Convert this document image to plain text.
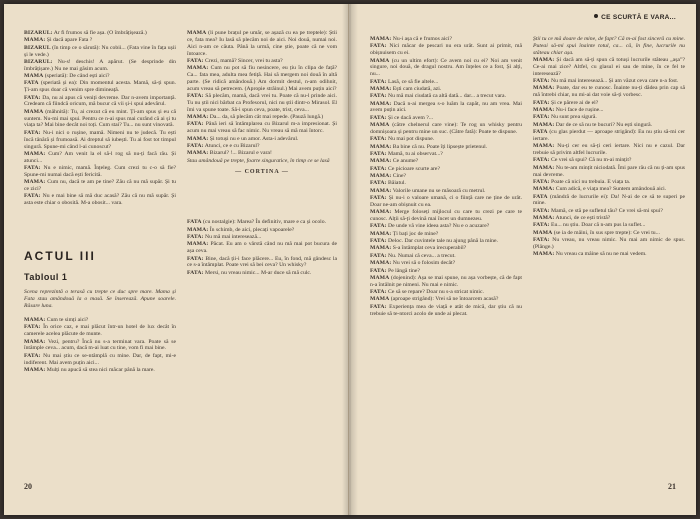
BIZARUL: Ar fi frumos să fie așa. (O îmbrățișează.)

MAMA: Și dacă apare Fata ?

BIZARUL (în timp ce o sărută): Nu cobii... (Fata vine în fața ușii și le vede.)

BIZARUL: Nu-s! deschis! A apărut. (Se desprinde din îmbrățișare.) Nu ne mai găsim acum.

MAMA (speriată): De când ești aici?

FATA (speriată și ea): Din momentul acesta. Mamă, să-ți spun. Ți-am spus doar că venim spre dimineață.

FATA: Da, nu ai apus că veniți devreme. Dar n-avem importanță. Credeam că fiindcă oricum, mă bucur că vii și-i spui adevărul.

MAMA (mâhnită): Tu, ai crezut că eu mint. Ți-am spus și eu că suntem. Nu-mi mai spui. Pentru ce n-ai spus mai curând că ai și tu viața ta? Mai bine decât noi toți. Cum stai? Tu... nu sunt vinovată.

FATA: Nu-i nici o rușine, mamă. Nimeni nu te judecă. Tu ești încă tânără și frumoasă. Ai dreptul să iubești. Tu ai fost tot timpul singură. Spune-mi când l-ai cunoscut?

MAMA: Cum? Am venit la el să-l rog să nu-ți facă rău. Și atunci...

FATA: Nu e nimic, mamă. Înțeleg. Cum crezi tu c-o să fie? Spune-mi numai dacă ești fericită.

MAMA: Cum nu, dacă te am pe tine? Zău că nu mă supăr. Și tu ce zici?

FATA: Nu e mai bine să mă duc acasă? Zău că nu mă supăr. Și asta este chiar o obosită. M-a obosit... vara.

MAMA (li pune brațul pe umăr, se așază cu ea pe treptele): Știi ce, fata mea? Iu lasă să plecăm noi de aici. Noi două, numai noi. Aici n-am ce căuta. Până la urmă, cine știe, poate că ne vom întoarce.

FATA: Crezi, mamă? Sincer, vrei tu asta?

MAMA: Cum nu pot să fiu nesincere, eu țiu în clipa de față? Ca... fata mea, adulta mea fetiță. Hai să mergem noi două în altă parte. (Se ridică amândouă.) Am dormit destul, n-am odihnit, acum vreau să petrecem. (Apropie străinul.) Mai avem puțin aici?

FATA: Să plecăm, mamă, dacă vrei tu. Poate că nu-l prinde aici. Tu nu știi nici bărbat ca Profesorul, nici nu știi dintr-o Mirasol. El îmi va spune toate. Să-i spun ceva, poate, trist, ceva...

MAMA: Da... da, să plecăm cât mai repede. (Pauză lungă.)

FATA: Până ieri să întâmplarea cu Bizarul m-a impresionat. Și acum nu mai vreau să fac nimic. Nu vreau să mă mai întorc.

MAMA: Și totuși nu e un amor. Asta-i adevărul.

FATA: Atunci, ce e cu Bizarul?

MAMA: Bizarul? !... Bizarul e vara!

Stau amândouă pe trepte, foarte singuratice, în timp ce se lasă

— CORTINA —

FATA (cu nostalgie): Marea? În definitiv, mare e ca și ocolo.

MAMA: În schimb, de aici, plecați vapoarele?

FATA: Nu mă mai interesează...

MAMA: Păcat. Eu am o vârstă când nu mă mai pot bucura de așa ceva.

FATA: Bine, dacă ții-i face plăcere... Eu, în fond, mă gândesc la ce s-a întâmplat. Poate vrei să bei ceva? Un whisky?

FATA: Mersi, nu vreau nimic... M-ar duce să mă culc.

ACTUL III
Tabloul 1
Scena reprezintă o terasă cu trepte ce duc spre mare. Mama și Fata stau amândouă la o masă. Se înserează. Apune soarele. Răsare luna.

MAMA: Cum te simți aici?

FATA: În orice caz, e mai plăcut într-un hotel de lux decât în camerele acelea plăcute de munte.

MAMA: Vezi, pentru? Încă nu s-a terminat vara. Poate să se întâmple ceva... acum, dacă m-ai luat cu tine, vom fi mai bine.

FATA: Nu mai știu ce se-ntâmplă cu mine. Dar, de fapt, mi-e indiferent. Mai avem puțin aici...

MAMA: Mulți nu apucă să stea nici măcar până la mare.

20
CE SCURTĂ E VARA...

MAMA: Nu-i așa că e frumos aici?

FATA: Nici măcar de pescari nu era urât. Sunt ai primit, mă obișnuisem cu ei.

MAMA (cu un ultim efort): Ce avem noi cu ei? Noi am venit singure, noi două, de dragul nostru. Am înțeles ce a fost, Și alți, nu...

FATA: Lasă, ce să fie altele...

MAMA: Ești cam ciudată, azi.

FATA: Nu mă mai ciudată ca altă dată... dar... a trecut vara.

MAMA: Dacă n-ai mergea s-o luăm la capăt, nu am vrea. Mai avem puțin aici.

FATA: Și ce dacă avem ?...

MAMA (către chelnerul care vine): Te rog un whisky pentru domnișoara și pentru mine un suc. (Către fată): Poate te dispune.

FATA: Nu mai pot dispune.

MAMA: Ba bine că nu. Poate îți lipsește prietenul.

FATA: Mamă, tu ai observat...?

MAMA: Ce anume?

FATA: Ce picioare scurte are?

MAMA: Cine?

FATA: Băiatul.

MAMA: Valorile umane nu se măsoară cu metrul.

FATA: Și nu-i o valoare umană, ci o ființă care ne ține de urât. Doar ne-am obișnuit cu ea.

MAMA: Merge foloseți mijlocul cu care tu crezi pe care te cunosc. Alții să-ți devină mai încet un dumnezeu.

FATA: De unde vă vine ideea asta? Nu e o acuzare?

MAMA: Ți bați joc de mine?

FATA: Deloc. Dar cuvintele tale nu ajung până la mine.

MAMA: S-a întâmplat ceva irecuperabil?

FATA: Nu. Numai că ceva... a trecut.

MAMA: Nu vrei să o folosim decât?

FATA: Pe lângă tine?

MAMA (dojenind): Așa se mai spune, nu așa vorbește, că de fapt n-a întâlnit pe nimeni. Nu mai e nimic.

FATA: Ce să se repare? Doar nu s-a stricat nimic.

MAMA (aproape strigând): Vrei să ne întoarcem acasă?

FATA: Experiența mea de viață e atât de mică, dar știu că nu trebuie să te-ntorci acolo de unde ai plecat.

Știi tu ce mă doare de mine, de fapt? Că m-ai fost sinceră cu mine. Puteai să-mi spui înainte totul, ca... că, în fine, lucrurile nu stăteau chiar așa.

MAMA: Și dacă am să-ți spun că totuși lucrurile stăteau „așa”? Ce-ai mai zice? Altfel, cu glasul ei sau de mine, în ce fel te interesează?

FATA: Nu mă mai interesează... Și am văzut ceva care n-a fost.

MAMA: Poate, dar eu te cunosc. Înainte nu-ți dădea prin cap să mă întrebi chiar, nu mi-ai dat voie să-ți vorbesc.

FATA: Și ce părere ai de el?

MAMA: Nu-i face de rușine...

FATA: Nu sunt prea sigură.

MAMA: Dar de ce să nu te bucuri? Nu ești singură.

FATA (cu glas pierdut — aproape strigând): Eu nu știu să-mi cer iertare.

MAMA: Nu-ți cer eu să-ți ceri iertare. Nici nu e cazul. Dar trebuie să privim altfel lucrurile.

FATA: Ce vrei să spui? Că nu m-ai mințit?

MAMA: Nu te-am mințit niciodată. Îmi pare rău că nu ți-am spus mai devreme.

FATA: Poate că nici nu trebuia. E viața ta.

MAMA: Cum adică, e viața mea? Suntem amândouă aici.

FATA (mândră de lucrurile ei): Da! N-ai de ce să te superi pe mine.

FATA: Mamă, ce stă pe sufletul tău? Ce vrei să-mi spui?

MAMA: Atunci, de ce ești tristă?

FATA: Eu... nu știu. Doar că n-am pus la suflet...

MAMA (se ia de mâini, în sus spre trepte): Ce vrei tu...

FATA: Nu vreau, nu vreau nimic. Nu mai am nimic de spus. (Plânge.)

MAMA: Nu vreau ca mâine să nu ne mai vedem.

21
